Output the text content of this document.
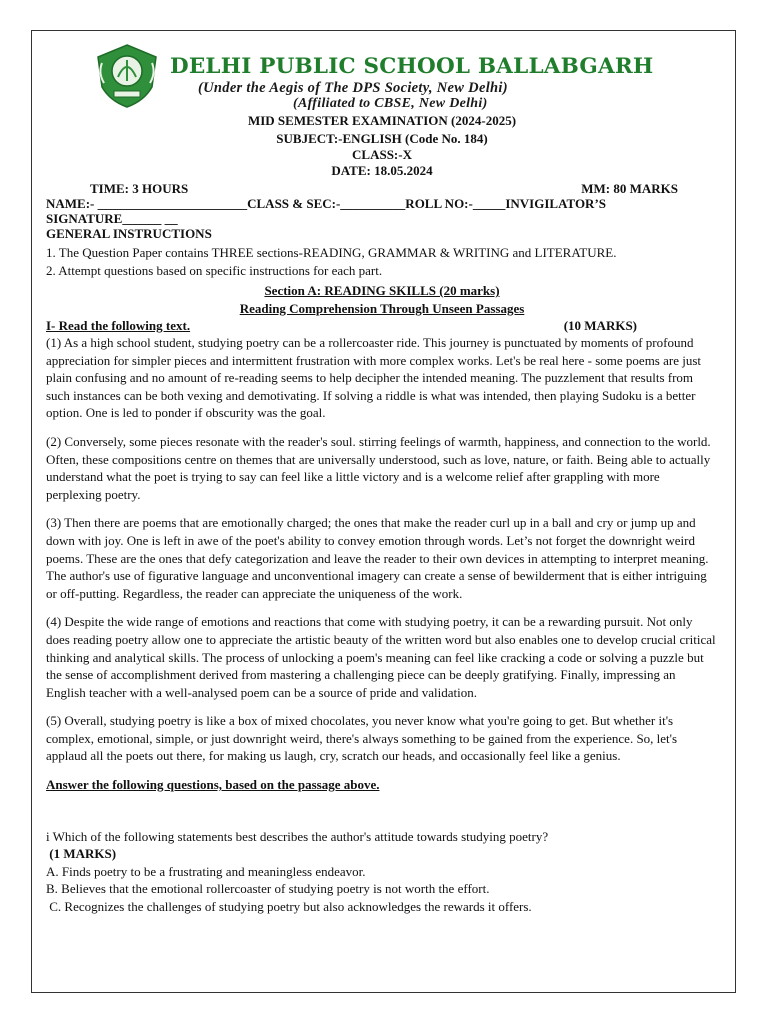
DELHI PUBLIC SCHOOL BALLABGARH
(Under the Aegis of The DPS Society, New Delhi)
(Affiliated to CBSE, New Delhi)
MID SEMESTER EXAMINATION (2024-2025)
SUBJECT:-ENGLISH (Code No. 184)
CLASS:-X
DATE: 18.05.2024
TIME: 3 HOURS	MM: 80 MARKS
NAME:- _______________________CLASS & SEC:-__________ROLL NO:-_____INVIGILATOR’S
SIGNATURE______ __
GENERAL INSTRUCTIONS

1. The Question Paper contains THREE sections-READING, GRAMMAR & WRITING and LITERATURE.

2. Attempt questions based on specific instructions for each part.

Section A: READING SKILLS (20 marks)
Reading Comprehension Through Unseen Passages
I- Read the following text.	(10 MARKS)

(1) As a high school student, studying poetry can be a rollercoaster ride. This journey is punctuated by moments of profound appreciation for simpler pieces and intermittent frustration with more complex works. Let's be real here - some poems are just plain confusing and no amount of re-reading seems to help decipher the intended meaning. The puzzlement that results from such instances can be both vexing and demotivating. If solving a riddle is what was intended, then playing Sudoku is a better option. One is led to ponder if obscurity was the goal.

(2) Conversely, some pieces resonate with the reader's soul. stirring feelings of warmth, happiness, and connection to the world. Often, these compositions centre on themes that are universally understood, such as love, nature, or faith. Being able to actually understand what the poet is trying to say can feel like a little victory and is a welcome relief after grappling with more perplexing poetry.

(3) Then there are poems that are emotionally charged; the ones that make the reader curl up in a ball and cry or jump up and down with joy. One is left in awe of the poet's ability to convey emotion through words. Let’s not forget the downright weird poems. These are the ones that defy categorization and leave the reader to their own devices in attempting to interpret meaning. The author's use of figurative language and unconventional imagery can create a sense of bewilderment that is either intriguing or off-putting. Regardless, the reader can appreciate the uniqueness of the work.

(4) Despite the wide range of emotions and reactions that come with studying poetry, it can be a rewarding pursuit. Not only does reading poetry allow one to appreciate the artistic beauty of the written word but also enables one to develop crucial critical thinking and analytical skills. The process of unlocking a poem's meaning can feel like cracking a code or solving a puzzle but the sense of accomplishment derived from mastering a challenging piece can be deeply gratifying. Finally, impressing an English teacher with a well-analysed poem can be a source of pride and validation.

(5) Overall, studying poetry is like a box of mixed chocolates, you never know what you're going to get. But whether it's complex, emotional, simple, or just downright weird, there's always something to be gained from the experience. So, let's applaud all the poets out there, for making us laugh, cry, scratch our heads, and occasionally feel like a genius.

Answer the following questions, based on the passage above.

i Which of the following statements best describes the author's attitude towards studying poetry?

(1 MARKS)

A. Finds poetry to be a frustrating and meaningless endeavor.

B. Believes that the emotional rollercoaster of studying poetry is not worth the effort.

C. Recognizes the challenges of studying poetry but also acknowledges the rewards it offers.
